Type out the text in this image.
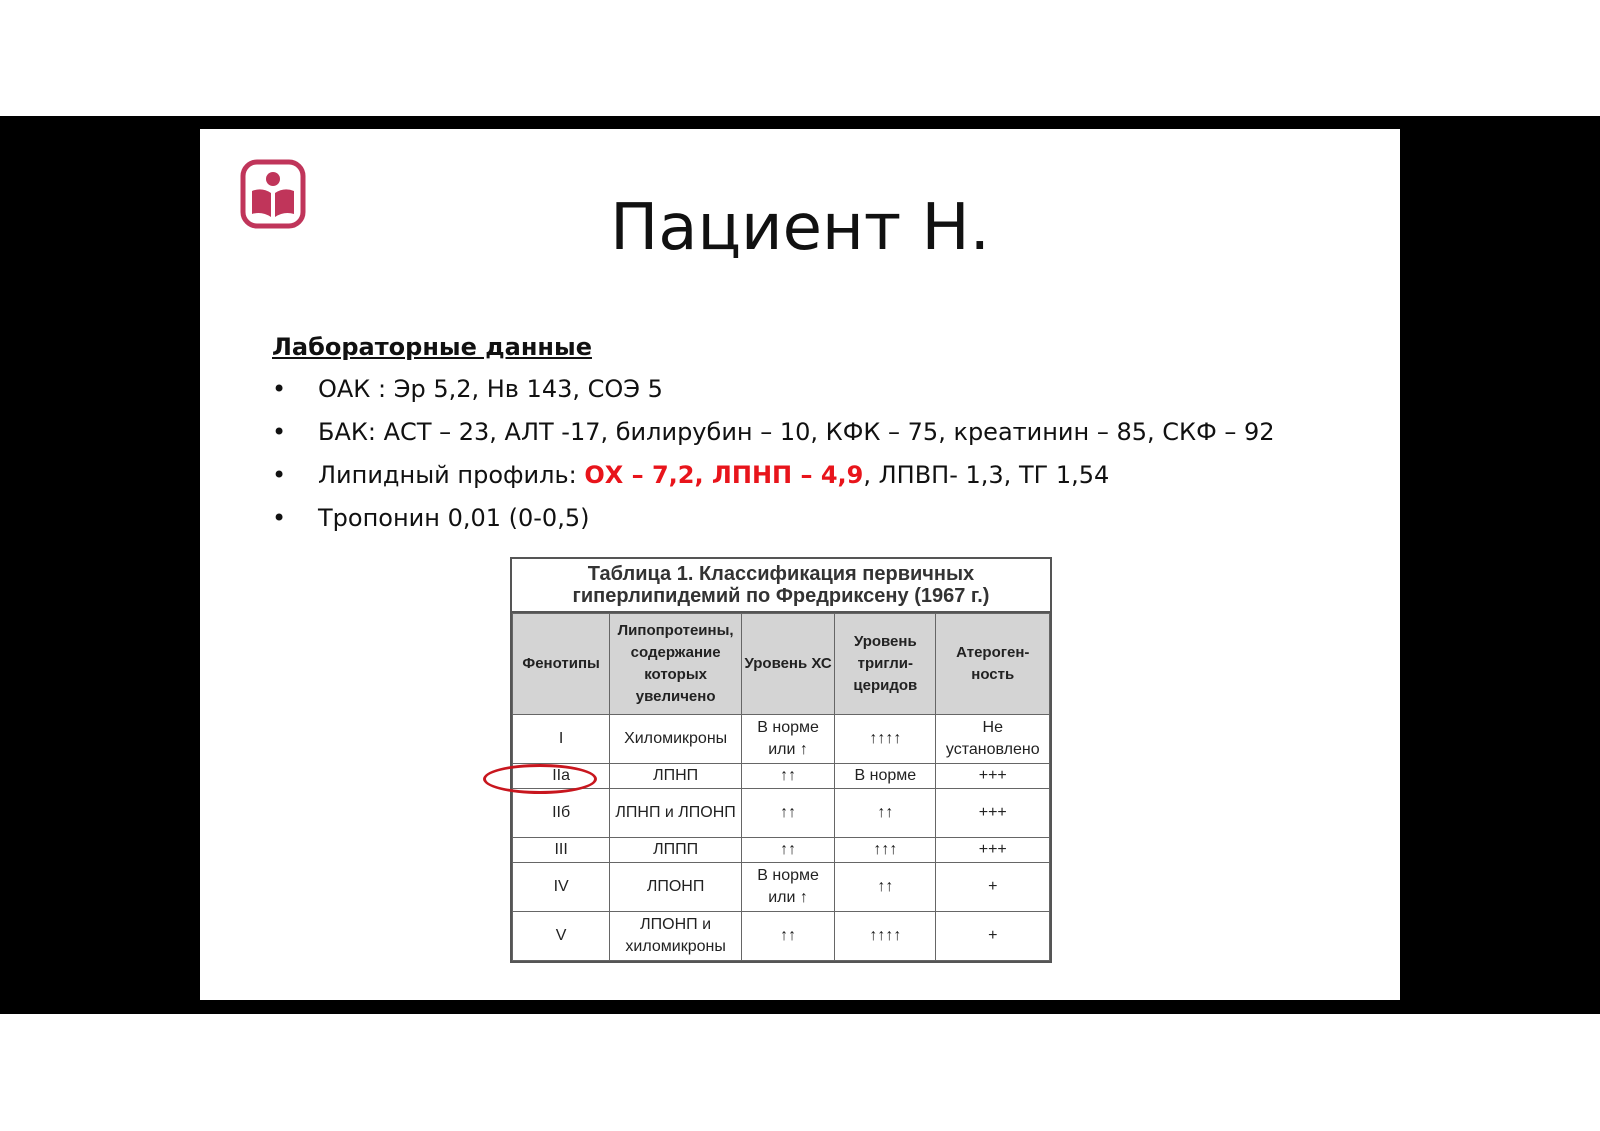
Пациент Н.
Лабораторные данные
• ОАК : Эр 5,2, Нв 143, СОЭ 5
• БАК: АСТ – 23, АЛТ -17, билирубин – 10, КФК – 75, креатинин – 85, СКФ – 92
• Липидный профиль: ОХ – 7,2, ЛПНП – 4,9, ЛПВП- 1,3, ТГ 1,54
• Тропонин 0,01 (0-0,5)
Таблица 1. Классификация первичных
гиперлипидемий по Фредриксену (1967 г.)
Фенотипы	Липопротеины, содержание которых увеличено	Уровень ХС	Уровень тригли-церидов	Атероген-ность
I	Хиломикроны	В норме или ↑	↑↑↑↑	Не установлено
IIa	ЛПНП	↑↑	В норме	+++
IIб	ЛПНП и ЛПОНП	↑↑	↑↑	+++
III	ЛППП	↑↑	↑↑↑	+++
IV	ЛПОНП	В норме или ↑	↑↑	+
V	ЛПОНП и хиломикроны	↑↑	↑↑↑↑	+
